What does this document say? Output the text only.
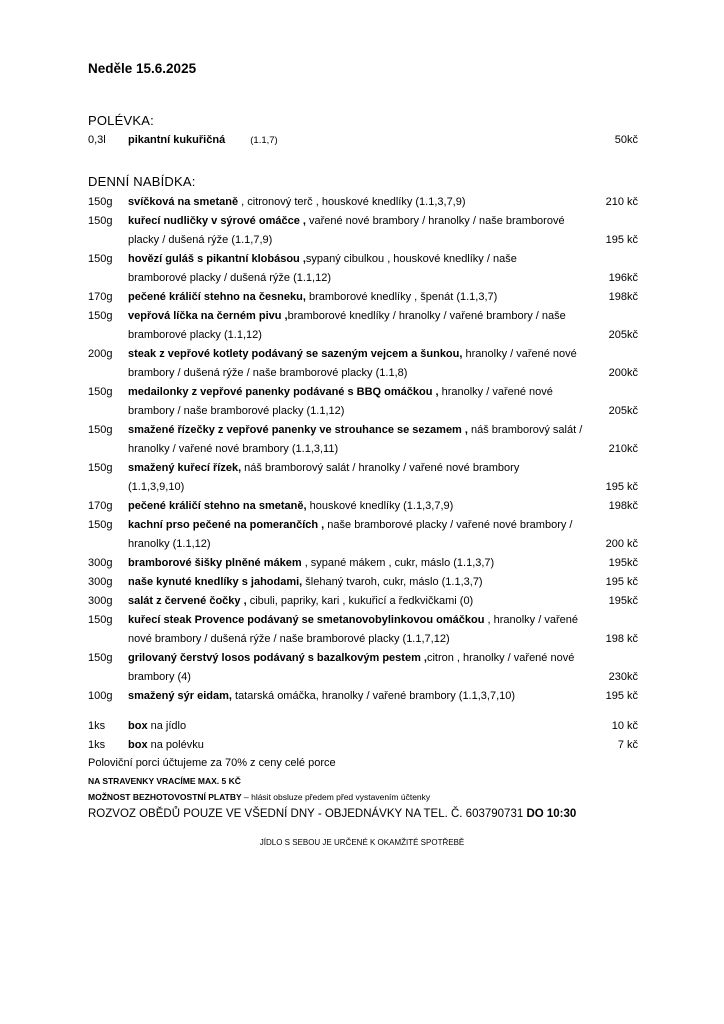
Neděle 15.6.2025
POLÉVKA:
0,3l	pikantní kukuřičná	(1.1,7)	50kč
DENNÍ NABÍDKA:
150g	svíčková na smetaně , citronový terč , houskové knedlíky (1.1,3,7,9)	210 kč
150g	kuřecí nudličky v sýrové omáčce , vařené nové brambory / hranolky / naše bramborové
placky / dušená rýže (1.1,7,9)	195 kč
150g	hovězí guláš s pikantní klobásou ,sypaný cibulkou , houskové knedlíky / naše
bramborové placky / dušená rýže (1.1,12)	196kč
170g	pečené králičí stehno na česneku, bramborové knedlíky , špenát (1.1,3,7)	198kč
150g	vepřová líčka na černém pivu ,bramborové knedlíky / hranolky / vařené brambory / naše
bramborové placky (1.1,12)	205kč
200g	steak z vepřové kotlety podávaný se sazeným vejcem a šunkou, hranolky / vařené nové
brambory / dušená rýže / naše bramborové placky (1.1,8)	200kč
150g	medailonky z vepřové panenky podávané s BBQ omáčkou , hranolky / vařené nové
brambory / naše bramborové placky (1.1,12)	205kč
150g	smažené řízečky z vepřové panenky ve strouhance se sezamem , náš bramborový salát /
hranolky / vařené nové brambory (1.1,3,11)	210kč
150g	smažený kuřecí řízek, náš bramborový salát / hranolky / vařené nové brambory
(1.1,3,9,10)	195 kč
170g	pečené králičí stehno na smetaně, houskové knedlíky (1.1,3,7,9)	198kč
150g	kachní prso pečené na pomerančích , naše bramborové placky / vařené nové brambory /
hranolky (1.1,12)	200 kč
300g	bramborové šišky plněné mákem , sypané mákem , cukr, máslo (1.1,3,7)	195kč
300g	naše kynuté knedlíky s jahodami, šlehaný tvaroh, cukr, máslo (1.1,3,7)	195 kč
300g	salát z červené čočky , cibuli, papriky, kari , kukuřicí a ředkvičkami (0)	195kč
150g	kuřecí steak Provence podávaný se smetanovobylinkovou omáčkou , hranolky / vařené
nové brambory / dušená rýže / naše bramborové placky (1.1,7,12)	198 kč
150g	grilovaný čerstvý losos podávaný s bazalkovým pestem ,citron , hranolky / vařené nové
brambory (4)	230kč
100g	smažený sýr eidam, tatarská omáčka, hranolky / vařené brambory (1.1,3,7,10)	195 kč
1ks	box na jídlo	10 kč
1ks	box na polévku	7 kč
Poloviční porci účtujeme za 70% z ceny celé porce
NA STRAVENKY VRACÍME MAX. 5 KČ
MOŽNOST BEZHOTOVOSTNÍ PLATBY – hlásit obsluze předem před vystavením účtenky
ROZVOZ OBĚDŮ POUZE VE VŠEDNÍ DNY - OBJEDNÁVKY NA TEL. Č. 603790731 DO 10:30
JÍDLO S SEBOU JE URČENÉ K OKAMŽITÉ SPOTŘEBĚ
